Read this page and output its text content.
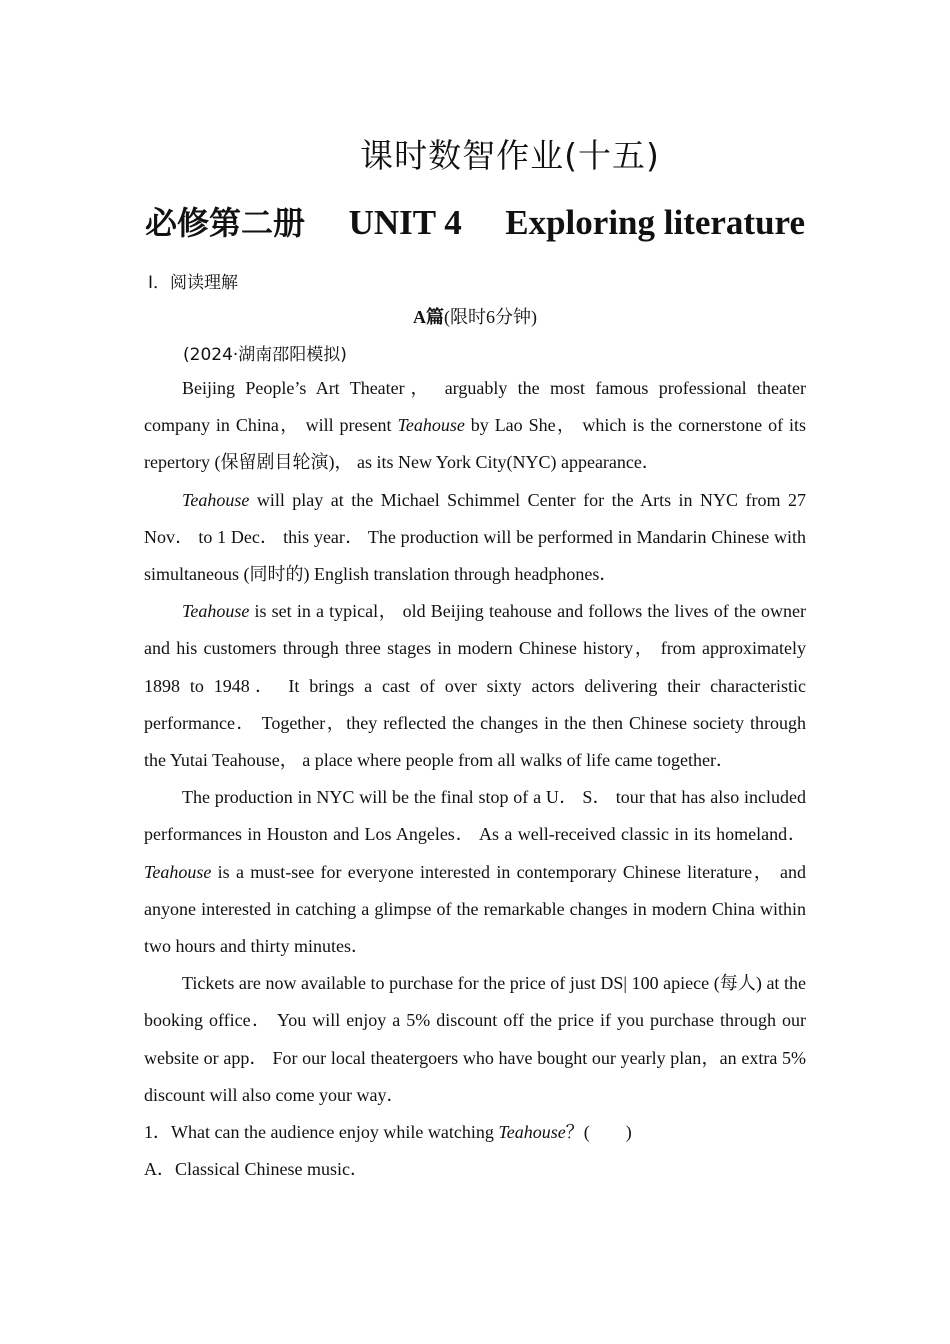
课时数智作业(十五)
必修第二册 UNIT 4 Exploring literature
Ⅰ．阅读理解
A篇(限时6分钟)
(2024·湖南邵阳模拟)

Beijing People’s Art Theater， arguably the most famous professional theater company in China， will present Teahouse by Lao She， which is the cornerstone of its repertory (保留剧目轮演)， as its New York City(NYC) appearance．

Teahouse will play at the Michael Schimmel Center for the Arts in NYC from 27 Nov． to 1 Dec． this year． The production will be performed in Mandarin Chinese with simultaneous (同时的) English translation through headphones．

Teahouse is set in a typical， old Beijing teahouse and follows the lives of the owner and his customers through three stages in modern Chinese history， from approximately 1898 to 1948． It brings a cast of over sixty actors delivering their characteristic performance． Together，they reflected the changes in the then Chinese society through the Yutai Teahouse， a place where people from all walks of life came together．

The production in NYC will be the final stop of a U． S． tour that has also included performances in Houston and Los Angeles． As a well-received classic in its homeland． Teahouse is a must-see for everyone interested in contemporary Chinese literature， and anyone interested in catching a glimpse of the remarkable changes in modern China within two hours and thirty minutes．

Tickets are now available to purchase for the price of just DS| 100 apiece (每人) at the booking office． You will enjoy a 5% discount off the price if you purchase through our website or app． For our local theatergoers who have bought our yearly plan，an extra 5% discount will also come your way．

1．What can the audience enjoy while watching Teahouse？(　　)

A．Classical Chinese music．
